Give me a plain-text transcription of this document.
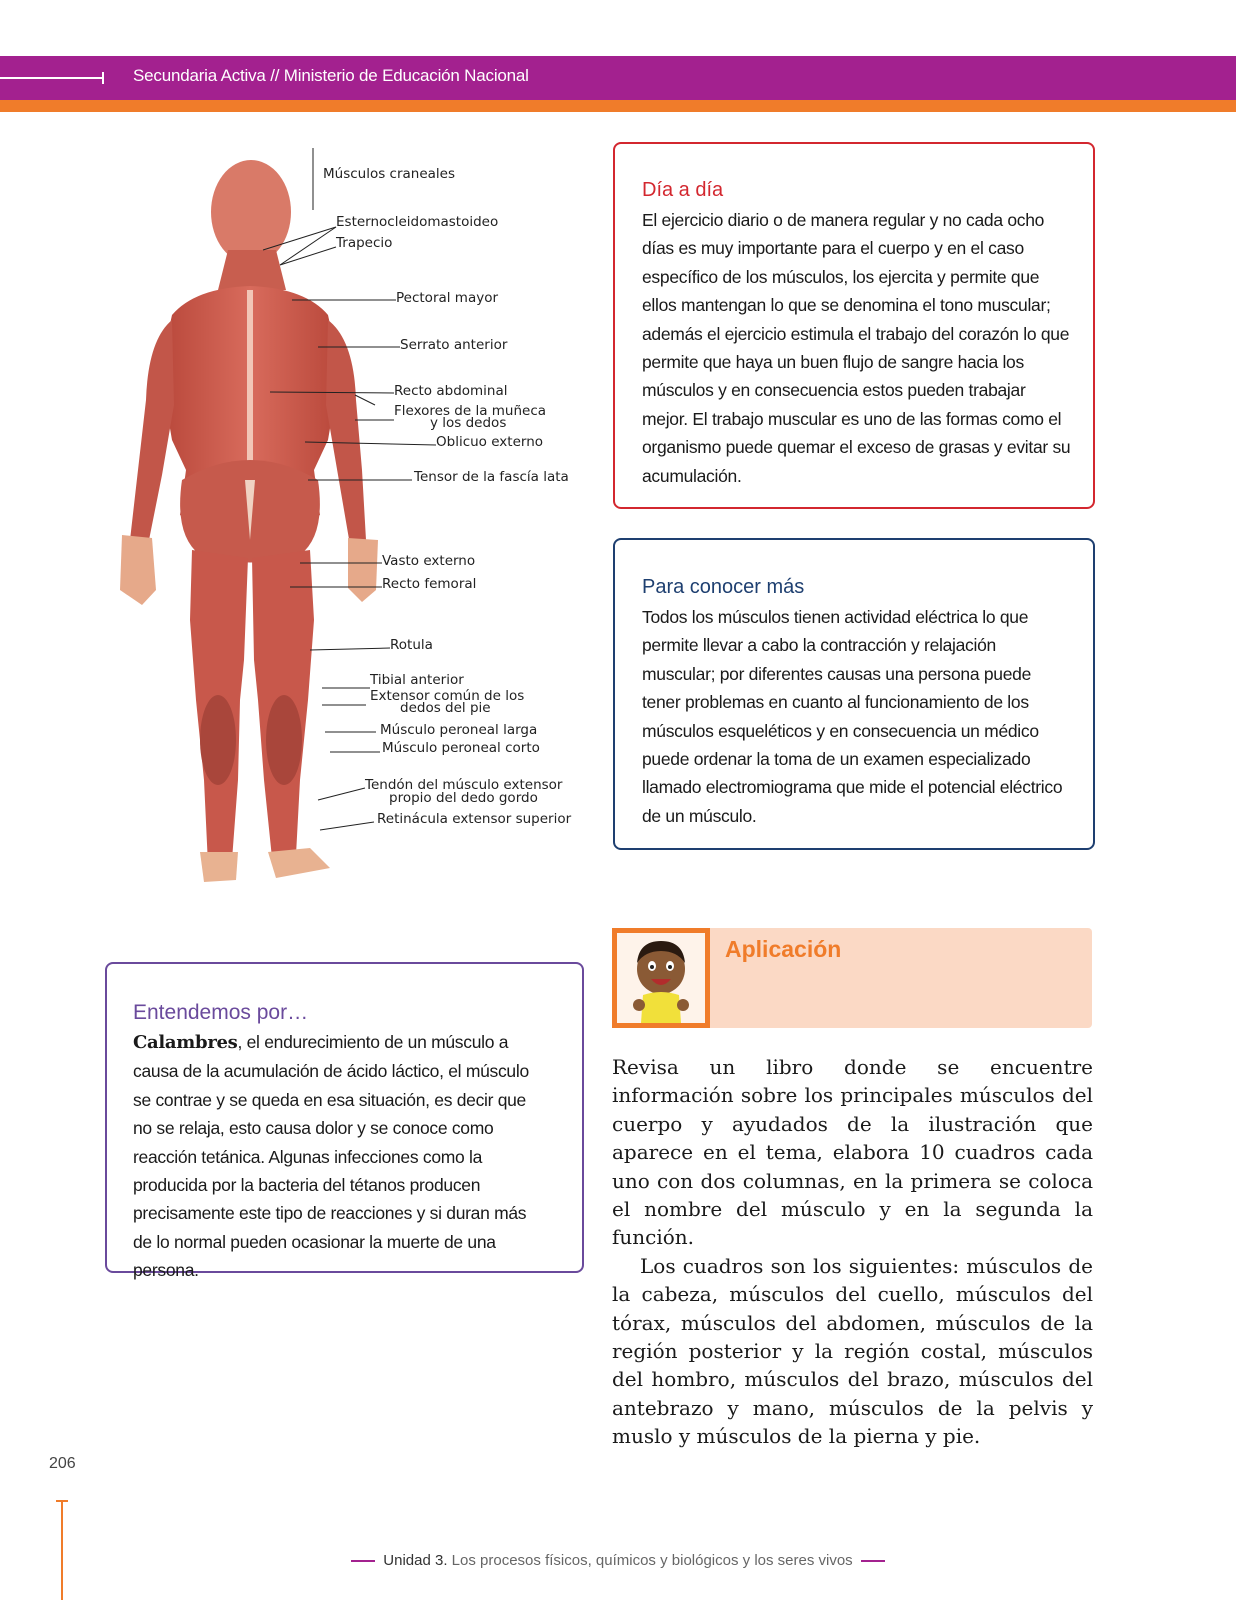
Secundaria Activa // Ministerio de Educación Nacional
Músculos craneales
Esternocleidomastoideo
Trapecio
Pectoral mayor
Serrato anterior
Recto abdominal
Flexores de la muñeca
y los dedos
Oblicuo externo
Tensor de la fascía lata
Vasto externo
Recto femoral
Rotula
Tibial anterior
Extensor común de los
dedos del pie
Músculo peroneal larga
Músculo peroneal corto
Tendón del músculo extensor
propio del dedo gordo
Retinácula extensor superior
Día a día
El ejercicio diario o de manera regular y no cada ocho días es muy importante para el cuerpo y en el caso específico de los músculos, los ejercita y permite que ellos mantengan lo que se denomina el tono muscular; además el ejercicio estimula el trabajo del corazón lo que permite que haya un buen flujo de sangre hacia los músculos y en consecuencia estos pueden trabajar mejor. El trabajo muscular es uno de las formas como el organismo puede quemar el exceso de grasas y evitar su acumulación.
Para conocer más
Todos los músculos tienen actividad eléctrica lo que permite llevar a cabo la contracción y relajación muscular; por diferentes causas una persona puede tener problemas en cuanto al funcionamiento de los músculos esqueléticos y en consecuencia un médico puede ordenar la toma de un examen especializado llamado electromiograma que mide el potencial eléctrico de un músculo.
Entendemos por…
Calambres, el endurecimiento de un músculo a causa de la acumulación de ácido láctico, el músculo se contrae y se queda en esa situación, es decir que no se relaja, esto causa dolor y se conoce como reacción tetánica. Algunas infecciones como la producida por la bacteria del tétanos producen precisamente este tipo de reacciones y si duran más de lo normal pueden ocasionar la muerte de una persona.
Aplicación

Revisa un libro donde se encuentre información sobre los principales músculos del cuerpo y ayudados de la ilustración que aparece en el tema, elabora 10 cuadros cada uno con dos columnas, en la primera se coloca el nombre del músculo y en la segunda la función.

Los cuadros son los siguientes: músculos de la cabeza, músculos del cuello, músculos del tórax, músculos del abdomen, músculos de la región posterior y la región costal, músculos del hombro, músculos del brazo, músculos del antebrazo y mano, músculos de la pelvis y muslo y músculos de la pierna y pie.

206
Unidad 3. Los procesos físicos, químicos y biológicos y los seres vivos
